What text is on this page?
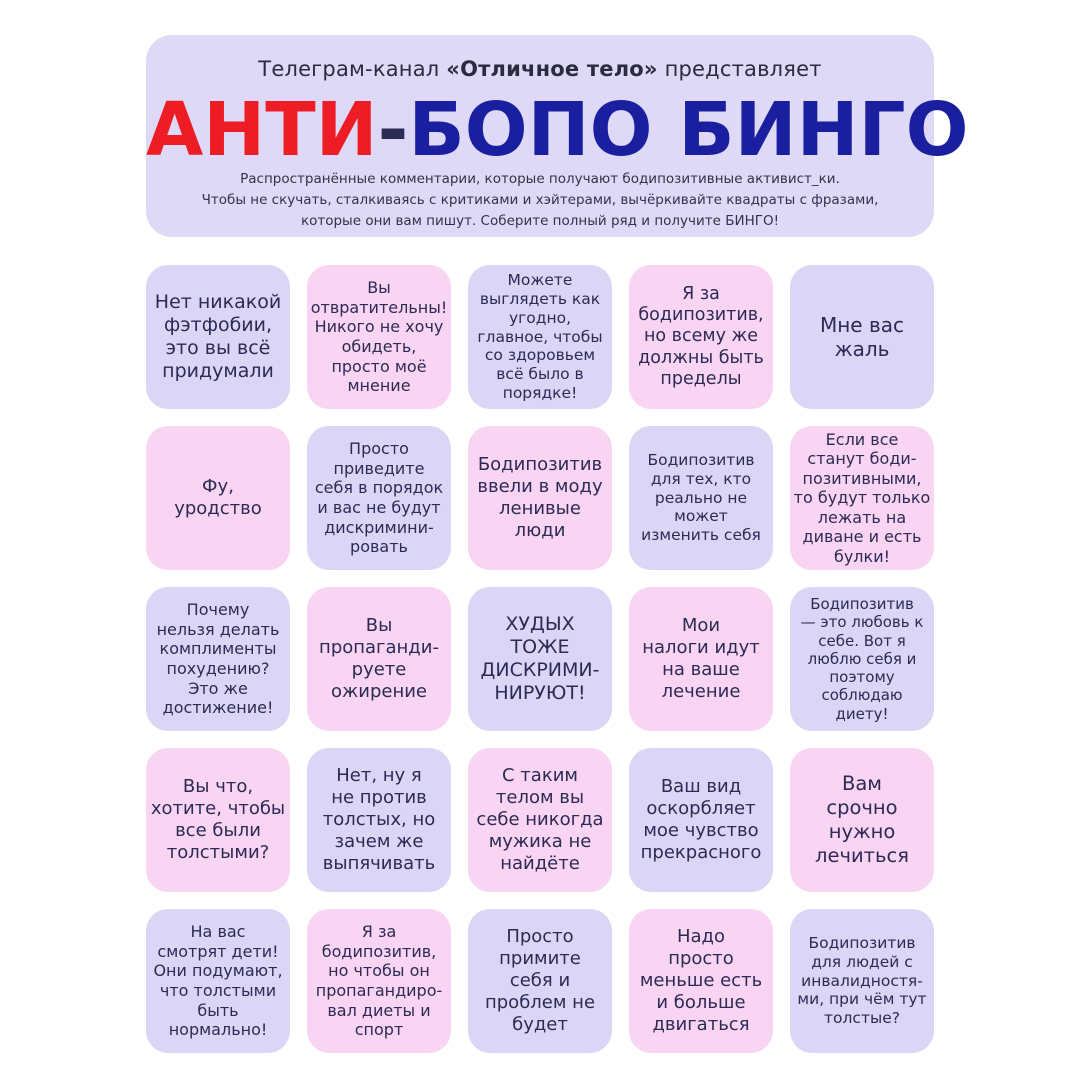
Телеграм-канал «Отличное тело» представляет
АНТИ-БОПО БИНГО
Распространённые комментарии, которые получают бодипозитивные активист_ки.
Чтобы не скучать, сталкиваясь с критиками и хэйтерами, вычёркивайте квадраты с фразами,
которые они вам пишут. Соберите полный ряд и получите БИНГО!
Нет никакой
фэтфобии,
это вы всё
придумали
Вы
отвратительны!
Никого не хочу
обидеть,
просто моё
мнение
Можете
выглядеть как
угодно,
главное, чтобы
со здоровьем
всё было в
порядке!
Я за
бодипозитив,
но всему же
должны быть
пределы
Мне вас
жаль
Фу,
уродство
Просто
приведите
себя в порядок
и вас не будут
дискримини-
ровать
Бодипозитив
ввели в моду
ленивые
люди
Бодипозитив
для тех, кто
реально не
может
изменить себя
Если все
станут боди-
позитивными,
то будут только
лежать на
диване и есть
булки!
Почему
нельзя делать
комплименты
похудению?
Это же
достижение!
Вы
пропаганди-
руете
ожирение
ХУДЫХ
ТОЖЕ
ДИСКРИМИ-
НИРУЮТ!
Мои
налоги идут
на ваше
лечение
Бодипозитив
— это любовь к
себе. Вот я
люблю себя и
поэтому
соблюдаю
диету!
Вы что,
хотите, чтобы
все были
толстыми?
Нет, ну я
не против
толстых, но
зачем же
выпячивать
С таким
телом вы
себе никогда
мужика не
найдёте
Ваш вид
оскорбляет
мое чувство
прекрасного
Вам
срочно
нужно
лечиться
На вас
смотрят дети!
Они подумают,
что толстыми
быть
нормально!
Я за
бодипозитив,
но чтобы он
пропагандиро-
вал диеты и
спорт
Просто
примите
себя и
проблем не
будет
Надо
просто
меньше есть
и больше
двигаться
Бодипозитив
для людей с
инвалидностя-
ми, при чём тут
толстые?
